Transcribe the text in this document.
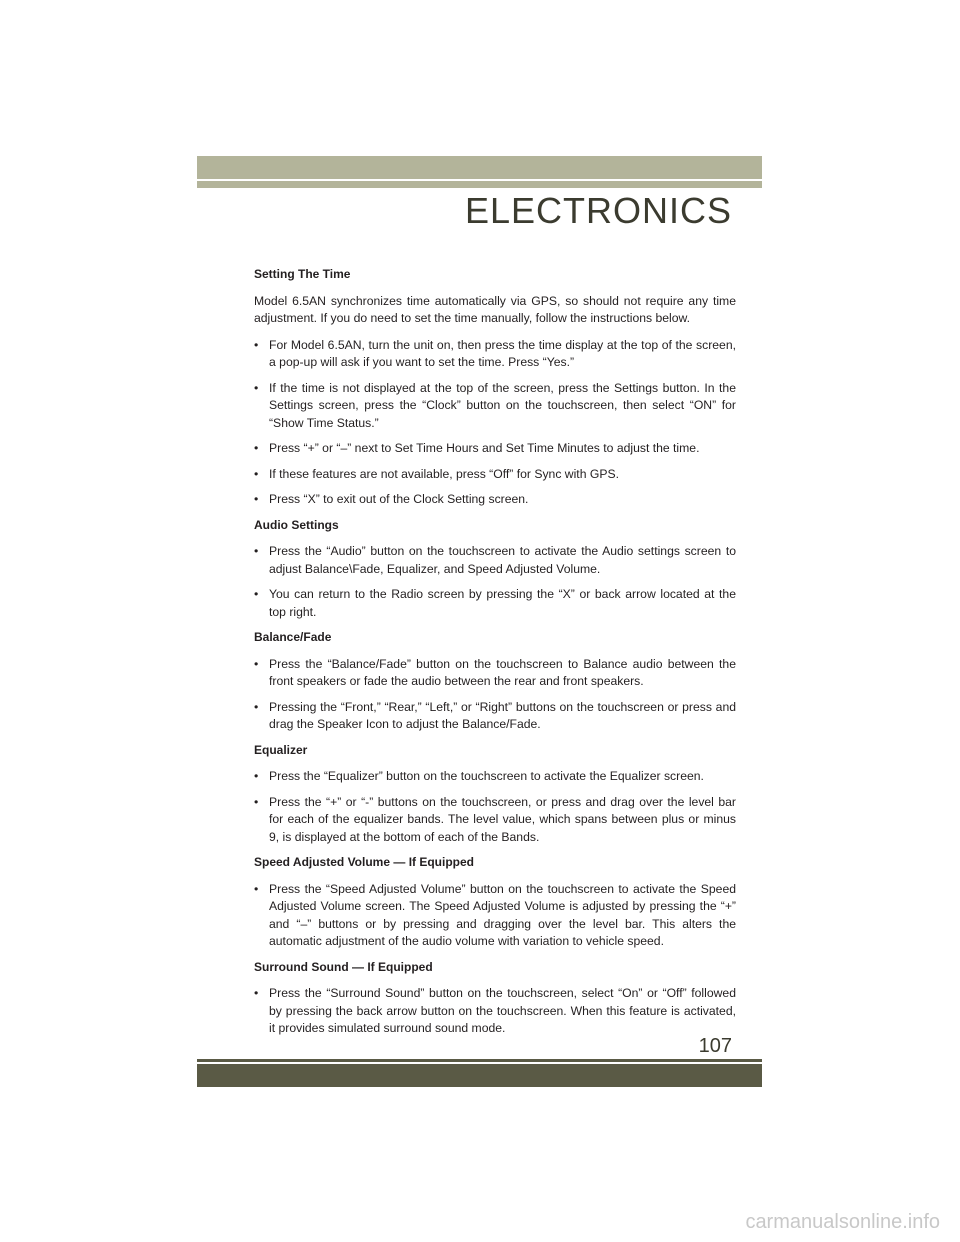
ELECTRONICS
Setting The Time

Model 6.5AN synchronizes time automatically via GPS, so should not require any time adjustment. If you do need to set the time manually, follow the instructions below.

• For Model 6.5AN, turn the unit on, then press the time display at the top of the screen, a pop-up will ask if you want to set the time. Press “Yes.”
• If the time is not displayed at the top of the screen, press the Settings button. In the Settings screen, press the “Clock” button on the touchscreen, then select “ON” for “Show Time Status.”
• Press “+” or “–” next to Set Time Hours and Set Time Minutes to adjust the time.
• If these features are not available, press “Off” for Sync with GPS.
• Press “X” to exit out of the Clock Setting screen.
Audio Settings
• Press the “Audio” button on the touchscreen to activate the Audio settings screen to adjust Balance\Fade, Equalizer, and Speed Adjusted Volume.
• You can return to the Radio screen by pressing the “X” or back arrow located at the top right.
Balance/Fade
• Press the “Balance/Fade” button on the touchscreen to Balance audio between the front speakers or fade the audio between the rear and front speakers.
• Pressing the “Front,” “Rear,” “Left,” or “Right” buttons on the touchscreen or press and drag the Speaker Icon to adjust the Balance/Fade.
Equalizer
• Press the “Equalizer” button on the touchscreen to activate the Equalizer screen.
• Press the “+” or “-” buttons on the touchscreen, or press and drag over the level bar for each of the equalizer bands. The level value, which spans between plus or minus 9, is displayed at the bottom of each of the Bands.
Speed Adjusted Volume — If Equipped
• Press the “Speed Adjusted Volume” button on the touchscreen to activate the Speed Adjusted Volume screen. The Speed Adjusted Volume is adjusted by pressing the “+” and “–” buttons or by pressing and dragging over the level bar. This alters the automatic adjustment of the audio volume with variation to vehicle speed.
Surround Sound — If Equipped
• Press the “Surround Sound” button on the touchscreen, select “On” or “Off” followed by pressing the back arrow button on the touchscreen. When this feature is activated, it provides simulated surround sound mode.
107
carmanualsonline.info
